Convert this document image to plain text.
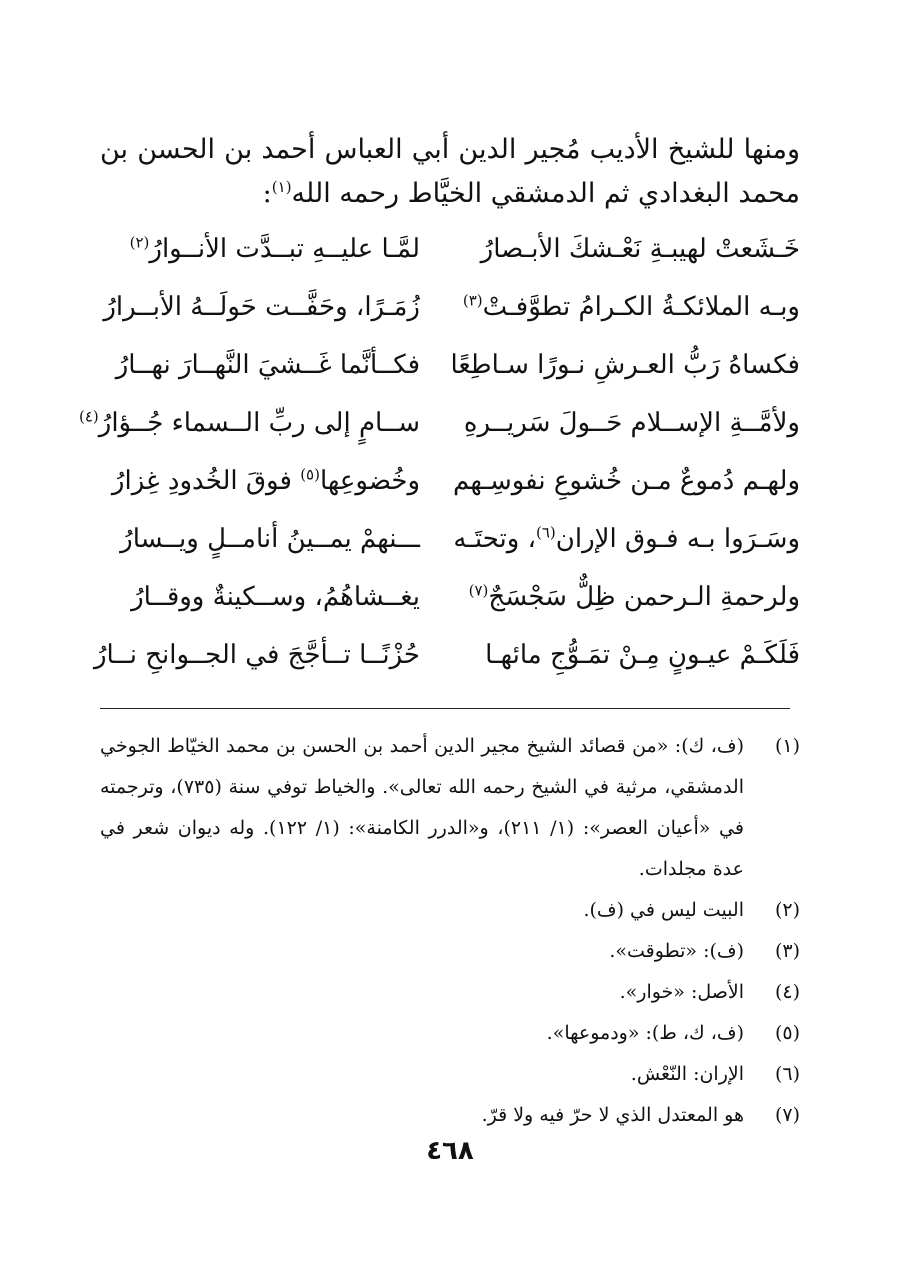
ومنها للشيخ الأديب مُجير الدين أبي العباس أحمد بن الحسن بن محمد البغدادي ثم الدمشقي الخيَّاط رحمه الله$^{(١)}$:

خَـشَعتْ لهيبـةِ نَعْـشكَ الأبـصارُ
لمَّـا عليــهِ تبــدَّت الأنــوارُ$^{(٢)}$
وبـه الملائكـةُ الكـرامُ تطوَّفـتْ$^{(٣)}$
زُمَـرًا، وحَفَّــت حَولَــهُ الأبــرارُ
فكساهُ رَبُّ العـرشِ نـورًا سـاطِعًا
فكــأنَّما غَــشيَ النَّهــارَ نهــارُ
ولأمَّــةِ الإســلام حَــولَ سَريــرهِ
ســامٍ إلى ربِّ الــسماء جُــؤارُ$^{(٤)}$
ولهـم دُموعٌ مـن خُشوعِ نفوسِـهم
وخُضوعِها$^{(٥)}$ فوقَ الخُدودِ غِزارُ
وسَـرَوا بـه فـوق الإران$^{(٦)}$، وتحتَـه
ـــنهمْ يمــينُ أنامــلٍ ويــسارُ
ولرحمةِ الـرحمن ظِلٌّ سَجْسَجٌ$^{(٧)}$
يغــشاهُمُ، وســكينةٌ ووقــارُ
فَلَكَـمْ عيـونٍ مِـنْ تمَـوُّجِ مائهـا
حُزْنًــا تــأجَّجَ في الجــوانحِ نــارُ
(١)
(ف، ك): «من قصائد الشيخ مجير الدين أحمد بن الحسن بن محمد الخيّاط الجوخي الدمشقي، مرثية في الشيخ رحمه الله تعالى». والخياط توفي سنة (٧٣٥)، وترجمته في «أعيان العصر»: (١/ ٢١١)، و«الدرر الكامنة»: (١/ ١٢٢). وله ديوان شعر في عدة مجلدات.
(٢)
البيت ليس في (ف).
(٣)
(ف): «تطوقت».
(٤)
الأصل: «خوار».
(٥)
(ف، ك، ط): «ودموعها».
(٦)
الإران: النّعْش.
(٧)
هو المعتدل الذي لا حرّ فيه ولا قرّ.
٤٦٨
